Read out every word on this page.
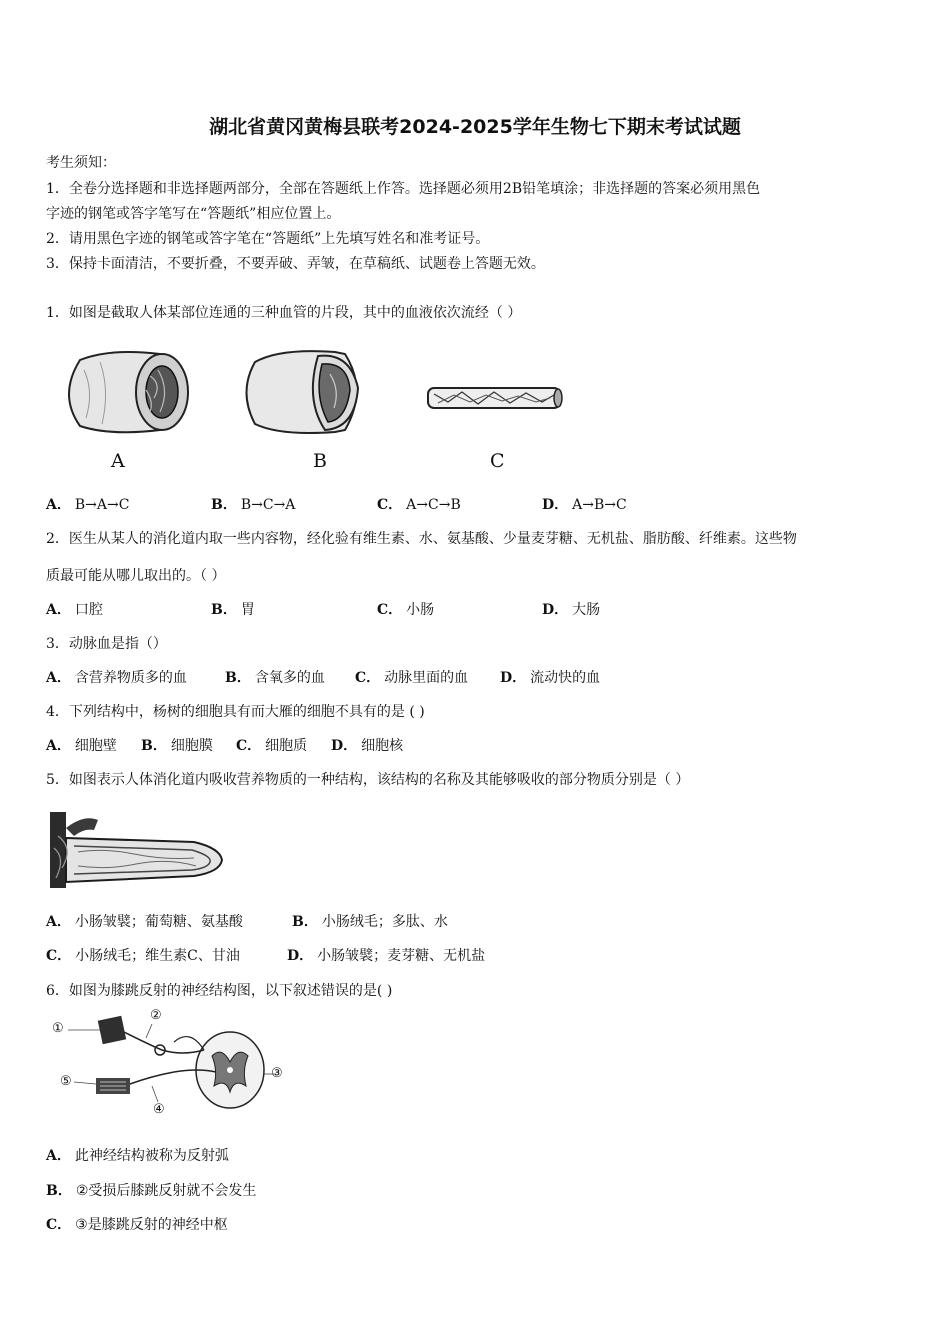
湖北省黄冈黄梅县联考2024-2025学年生物七下期末考试试题
考生须知：
1．全卷分选择题和非选择题两部分，全部在答题纸上作答。选择题必须用2B铅笔填涂；非选择题的答案必须用黑色
字迹的钢笔或答字笔写在“答题纸”相应位置上。
2．请用黑色字迹的钢笔或答字笔在“答题纸”上先填写姓名和准考证号。
3．保持卡面清洁，不要折叠，不要弄破、弄皱，在草稿纸、试题卷上答题无效。
1．如图是截取人体某部位连通的三种血管的片段，其中的血液依次流经（ ）
A	B	C
A． B→A→C	B． B→C→A	C． A→C→B	D． A→B→C
2．医生从某人的消化道内取一些内容物，经化验有维生素、水、氨基酸、少量麦芽糖、无机盐、脂肪酸、纤维素。这些物
质最可能从哪儿取出的。（ ）
A． 口腔	B． 胃	C． 小肠	D． 大肠
3．动脉血是指（）
A． 含营养物质多的血	B． 含氧多的血 C． 动脉里面的血 D． 流动快的血
4．下列结构中，杨树的细胞具有而大雁的细胞不具有的是 ( )
A． 细胞壁 B． 细胞膜 C． 细胞质 D． 细胞核
5．如图表示人体消化道内吸收营养物质的一种结构，该结构的名称及其能够吸收的部分物质分别是（ ）
A． 小肠皱襞；葡萄糖、氨基酸	B． 小肠绒毛；多肽、水
C． 小肠绒毛；维生素C、甘油	D． 小肠皱襞；麦芽糖、无机盐
6．如图为膝跳反射的神经结构图，以下叙述错误的是( )
①
②
③
④
⑤
A． 此神经结构被称为反射弧
B． ②受损后膝跳反射就不会发生
C． ③是膝跳反射的神经中枢
